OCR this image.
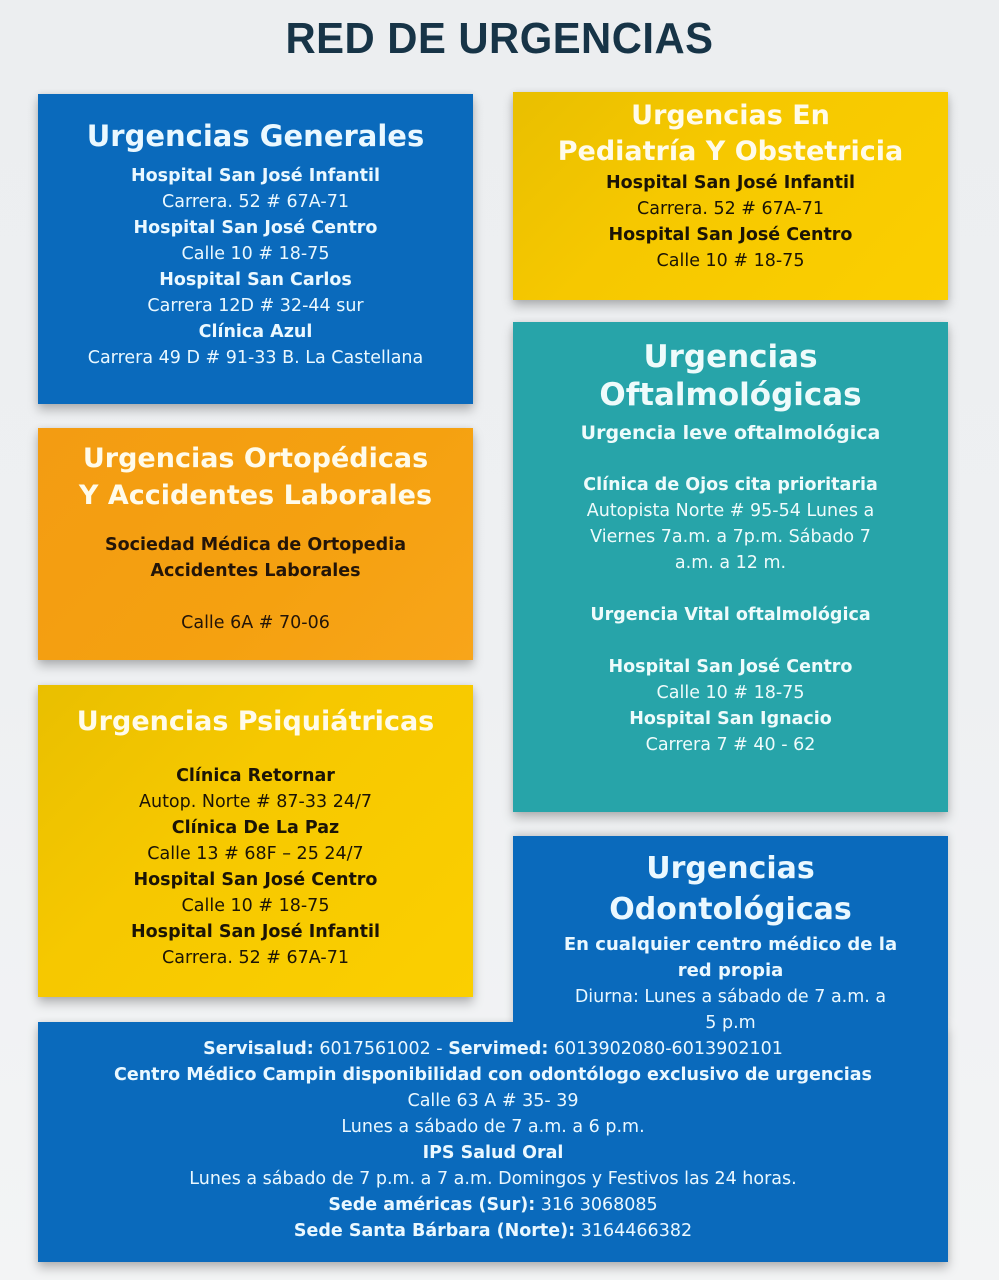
RED DE URGENCIAS
Urgencias Generales
Hospital San José Infantil
Carrera. 52 # 67A-71
Hospital San José Centro
Calle 10 # 18-75
Hospital San Carlos
Carrera 12D # 32-44 sur
Clínica Azul
Carrera 49 D # 91-33 B. La Castellana
Urgencias En
Pediatría Y Obstetricia
Hospital San José Infantil
Carrera. 52 # 67A-71
Hospital San José Centro
Calle 10 # 18-75
Urgencias Ortopédicas
Y Accidentes Laborales
Sociedad Médica de Ortopedia
Accidentes Laborales
Calle 6A # 70-06
Urgencias
Oftalmológicas
Urgencia leve oftalmológica
Clínica de Ojos cita prioritaria
Autopista Norte # 95-54 Lunes a
Viernes 7a.m. a 7p.m. Sábado 7
a.m. a 12 m.
Urgencia Vital oftalmológica
Hospital San José Centro
Calle 10 # 18-75
Hospital San Ignacio
Carrera 7 # 40 - 62
Urgencias Psiquiátricas
Clínica Retornar
Autop. Norte # 87-33 24/7
Clínica De La Paz
Calle 13 # 68F – 25 24/7
Hospital San José Centro
Calle 10 # 18-75
Hospital San José Infantil
Carrera. 52 # 67A-71
Servisalud: 6017561002 - Servimed: 6013902080-6013902101
Centro Médico Campin disponibilidad con odontólogo exclusivo de urgencias
Calle 63 A # 35- 39
Lunes a sábado de 7 a.m. a 6 p.m.
IPS Salud Oral
Lunes a sábado de 7 p.m. a 7 a.m. Domingos y Festivos las 24 horas.
Sede américas (Sur): 316 3068085
Sede Santa Bárbara (Norte): 3164466382
Urgencias
Odontológicas
En cualquier centro médico de la
red propia
Diurna: Lunes a sábado de 7 a.m. a
5 p.m
